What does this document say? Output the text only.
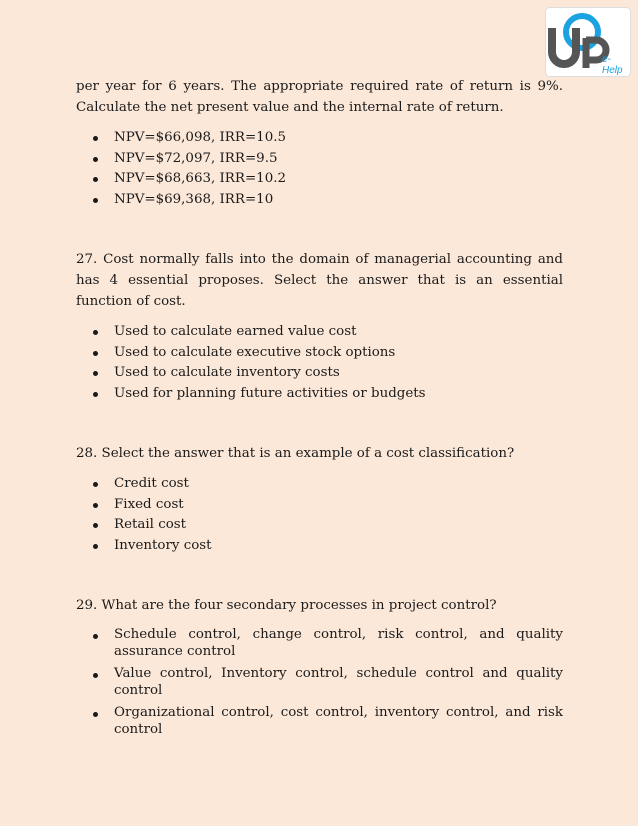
e-Help

per year for 6 years. The appropriate required rate of return is 9%. Calculate the net present value and the internal rate of return.

NPV=$66,098, IRR=10.5
NPV=$72,097, IRR=9.5
NPV=$68,663, IRR=10.2
NPV=$69,368, IRR=10

27. Cost normally falls into the domain of managerial accounting and has 4 essential proposes. Select the answer that is an essential function of cost.

Used to calculate earned value cost
Used to calculate executive stock options
Used to calculate inventory costs
Used for planning future activities or budgets

28. Select the answer that is an example of a cost classification?

Credit cost
Fixed cost
Retail cost
Inventory cost

29. What are the four secondary processes in project control?

Schedule control, change control, risk control, and quality assurance control
Value control, Inventory control, schedule control and quality control
Organizational control, cost control, inventory control, and risk control
